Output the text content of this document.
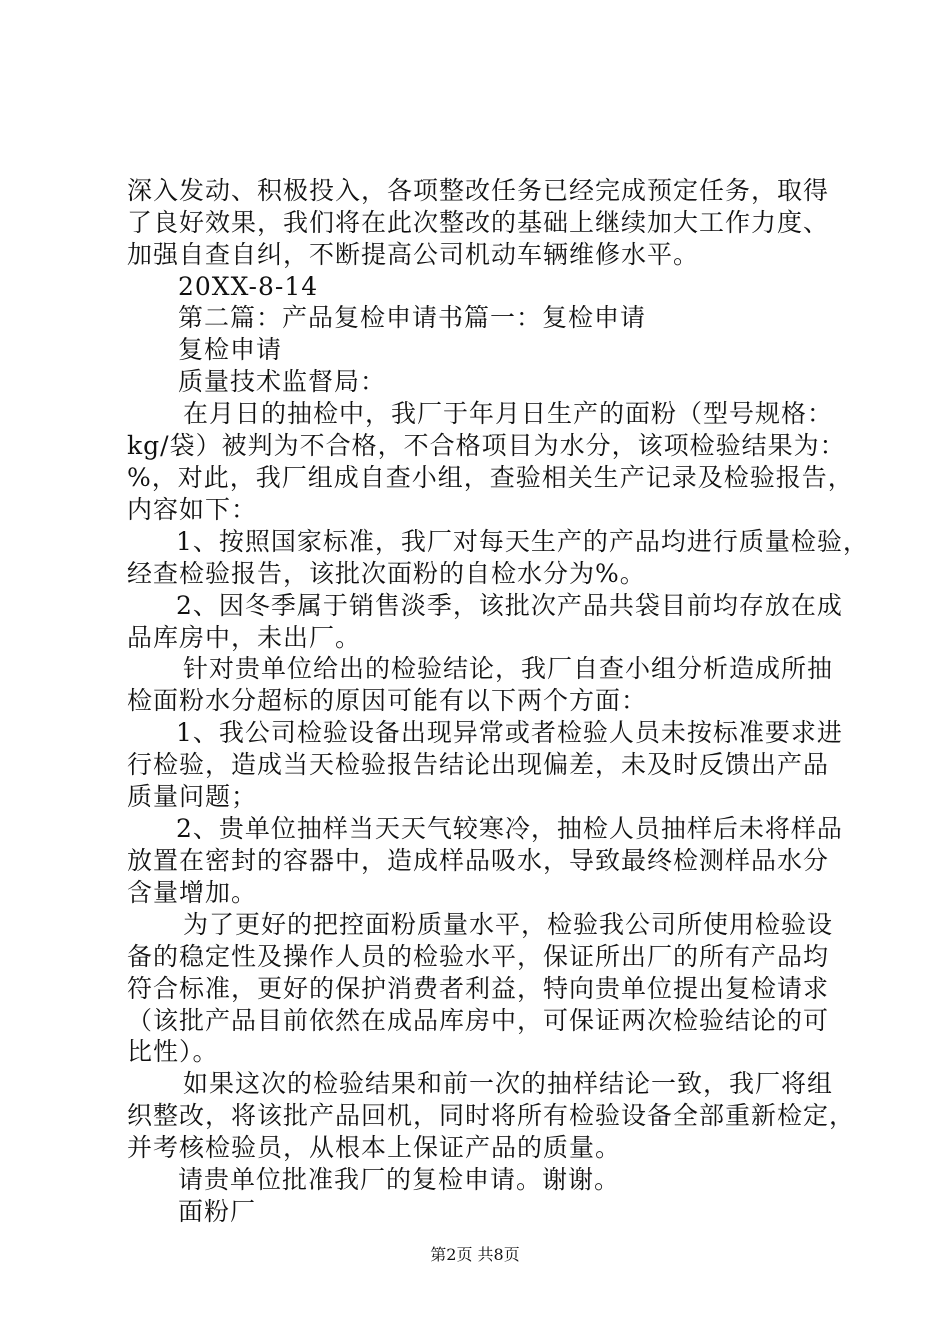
深入发动、积极投入，各项整改任务已经完成预定任务，取得
了良好效果，我们将在此次整改的基础上继续加大工作力度、
加强自查自纠，不断提高公司机动车辆维修水平。
20XX-8-14
第二篇：产品复检申请书篇一：复检申请
复检申请
质量技术监督局：
在月日的抽检中，我厂于年月日生产的面粉（型号规格：
kg/袋）被判为不合格，不合格项目为水分，该项检验结果为：
%，对此，我厂组成自查小组，查验相关生产记录及检验报告，
内容如下：
1、按照国家标准，我厂对每天生产的产品均进行质量检验，
经查检验报告，该批次面粉的自检水分为%。
2、因冬季属于销售淡季，该批次产品共袋目前均存放在成
品库房中，未出厂。
针对贵单位给出的检验结论，我厂自查小组分析造成所抽
检面粉水分超标的原因可能有以下两个方面：
1、我公司检验设备出现异常或者检验人员未按标准要求进
行检验，造成当天检验报告结论出现偏差，未及时反馈出产品
质量问题；
2、贵单位抽样当天天气较寒冷，抽检人员抽样后未将样品
放置在密封的容器中，造成样品吸水，导致最终检测样品水分
含量增加。
为了更好的把控面粉质量水平，检验我公司所使用检验设
备的稳定性及操作人员的检验水平，保证所出厂的所有产品均
符合标准，更好的保护消费者利益，特向贵单位提出复检请求
（该批产品目前依然在成品库房中，可保证两次检验结论的可
比性）。
如果这次的检验结果和前一次的抽样结论一致，我厂将组
织整改，将该批产品回机，同时将所有检验设备全部重新检定，
并考核检验员，从根本上保证产品的质量。
请贵单位批准我厂的复检申请。谢谢。
面粉厂
第2页 共8页
